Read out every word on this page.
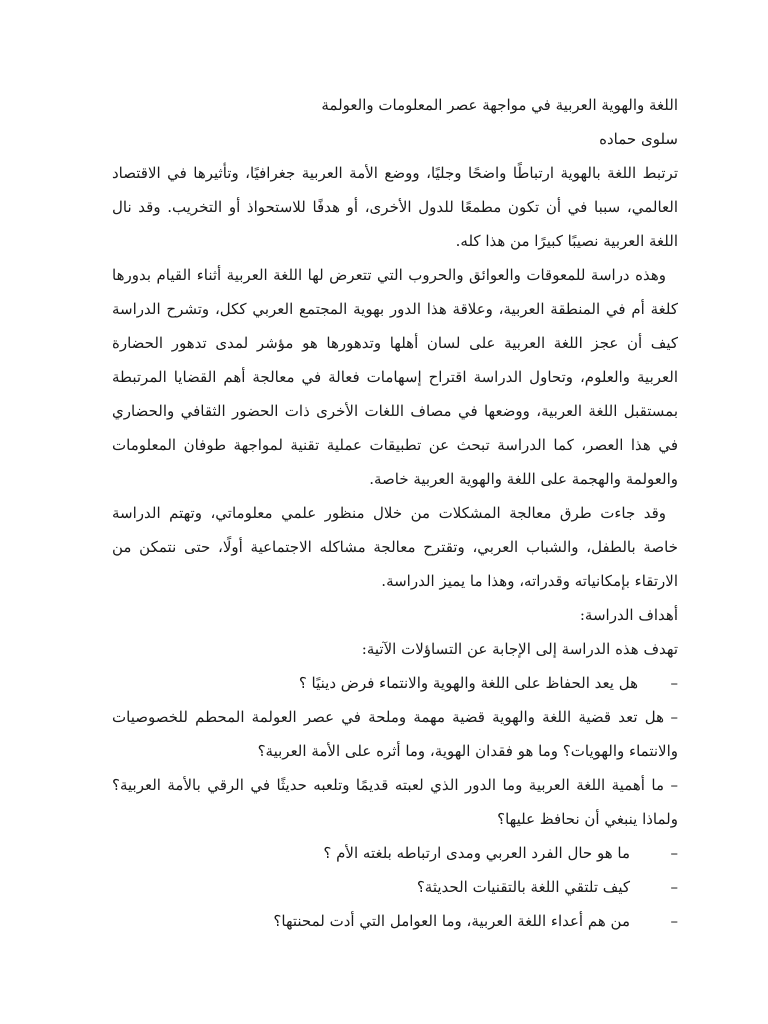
اللغة والهوية العربية في مواجهة عصر المعلومات والعولمة
سلوى حماده
ترتبط اللغة بالهوية ارتباطًا واضحًا وجليًا، ووضع الأمة العربية جغرافيًا، وتأثيرها في الاقتصاد
العالمي، سببا في أن تكون مطمعًا للدول الأخرى، أو هدفًا للاستحواذ أو التخريب. وقد نال
اللغة العربية نصيبًا كبيرًا من هذا كله.
وهذه دراسة للمعوقات والعوائق والحروب التي تتعرض لها اللغة العربية أثناء القيام بدورها
كلغة أم في المنطقة العربية، وعلاقة هذا الدور بهوية المجتمع العربي ككل، وتشرح الدراسة
كيف أن عجز اللغة العربية على لسان أهلها وتدهورها هو مؤشر لمدى تدهور الحضارة
العربية والعلوم، وتحاول الدراسة اقتراح إسهامات فعالة في معالجة أهم القضايا المرتبطة
بمستقبل اللغة العربية، ووضعها في مصاف اللغات الأخرى ذات الحضور الثقافي والحضاري
في هذا العصر، كما الدراسة تبحث عن تطبيقات عملية تقنية لمواجهة طوفان المعلومات
والعولمة والهجمة على اللغة والهوية العربية خاصة.
وقد جاءت طرق معالجة المشكلات من خلال منظور علمي معلوماتي، وتهتم الدراسة
خاصة بالطفل، والشباب العربي، وتقترح معالجة مشاكله الاجتماعية أولًا، حتى نتمكن من
الارتقاء بإمكانياته وقدراته، وهذا ما يميز الدراسة.
أهداف الدراسة:
تهدف هذه الدراسة إلى الإجابة عن التساؤلات الآتية:
–
هل يعد الحفاظ على اللغة والهوية والانتماء فرض دينيًا ؟
–
هل تعد قضية اللغة والهوية قضية مهمة وملحة في عصر العولمة المحطم للخصوصيات
والانتماء والهويات؟ وما هو فقدان الهوية، وما أثره على الأمة العربية؟
–
ما أهمية اللغة العربية وما الدور الذي لعبته قديمًا وتلعبه حديثًا في الرقي بالأمة العربية؟
ولماذا ينبغي أن نحافظ عليها؟
–
ما هو حال الفرد العربي ومدى ارتباطه بلغته الأم ؟
–
كيف تلتقي اللغة بالتقنيات الحديثة؟
–
من هم أعداء اللغة العربية، وما العوامل التي أدت لمحنتها؟
